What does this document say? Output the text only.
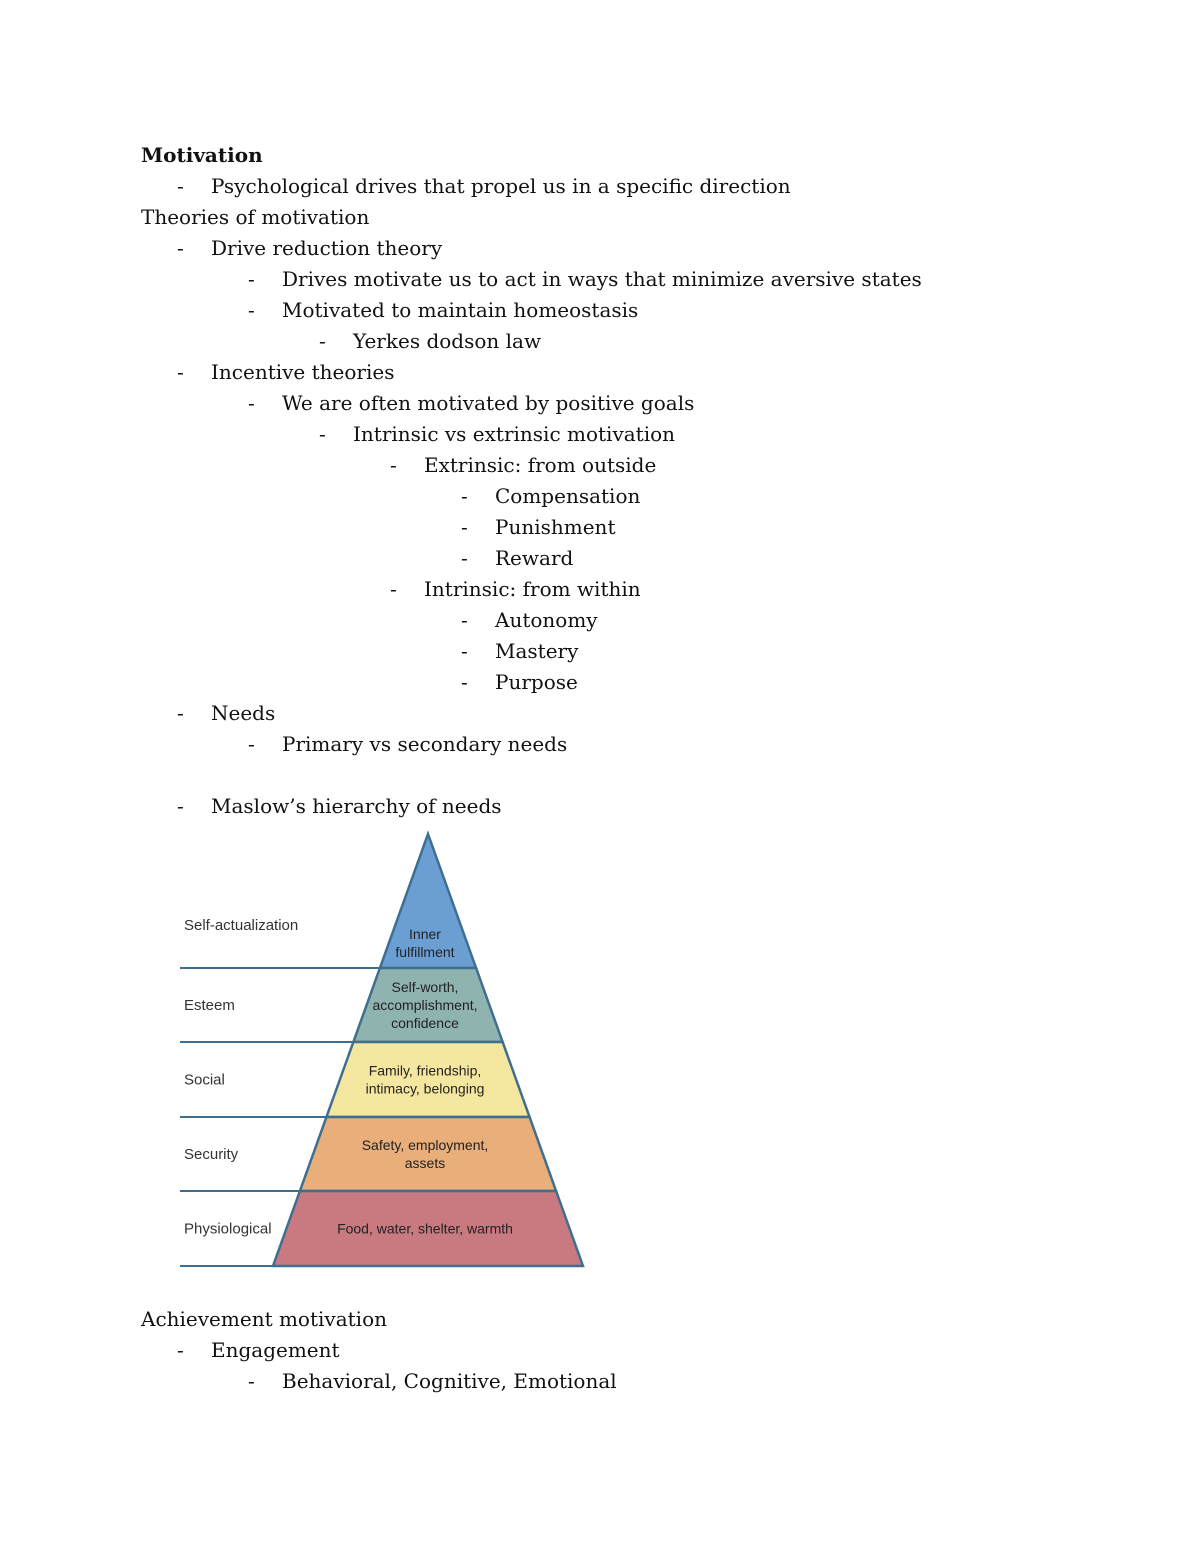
Motivation
- Psychological drives that propel us in a specific direction
Theories of motivation
- Drive reduction theory
- Drives motivate us to act in ways that minimize aversive states
- Motivated to maintain homeostasis
- Yerkes dodson law
- Incentive theories
- We are often motivated by positive goals
- Intrinsic vs extrinsic motivation
- Extrinsic: from outside
- Compensation
- Punishment
- Reward
- Intrinsic: from within
- Autonomy
- Mastery
- Purpose
- Needs
- Primary vs secondary needs
- Maslow’s hierarchy of needs
Self-actualization	Inner
fulfillment
Esteem
Self-worth,
accomplishment,
confidence
Social
Family, friendship,
intimacy, belonging
Security
Safety, employment,
assets
Physiological	Food, water, shelter, warmth
Achievement motivation
- Engagement
- Behavioral, Cognitive, Emotional
